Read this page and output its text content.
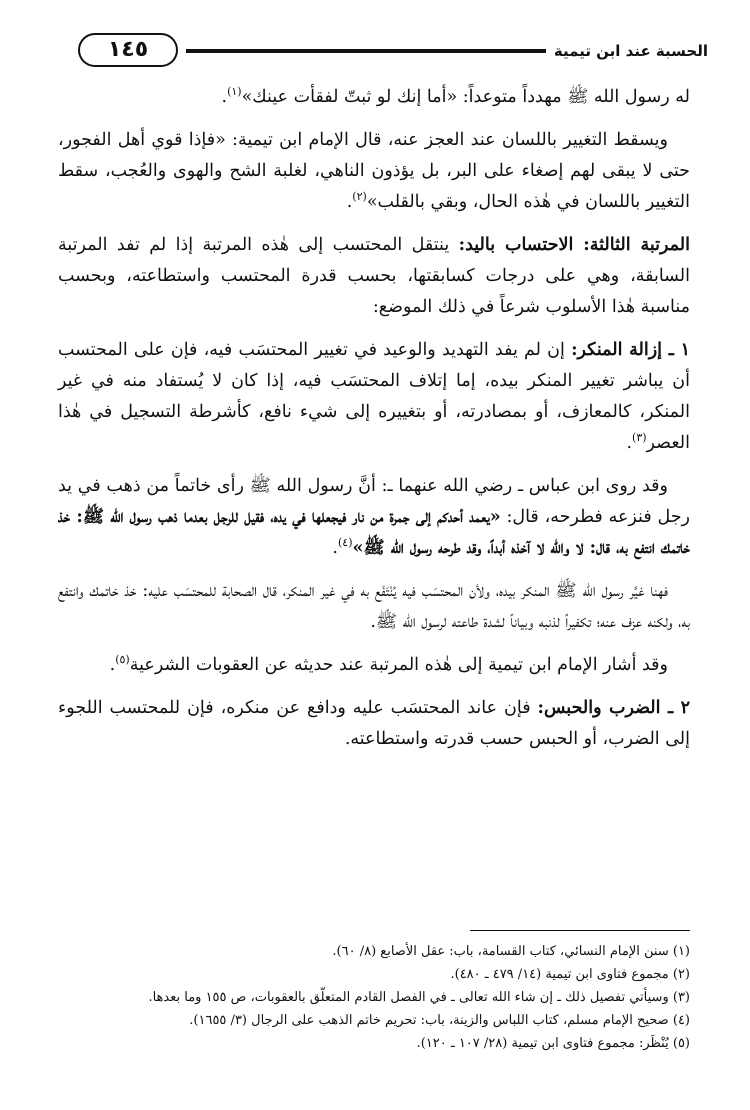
الحسبة عند ابن تيمية
١٤٥

له رسول الله ﷺ مهدداً متوعداً: «أما إنك لو ثبتّ لفقأت عينك»$^{(١)}$.

ويسقط التغيير باللسان عند العجز عنه، قال الإمام ابن تيمية: «فإذا قوي أهل الفجور، حتى لا يبقى لهم إصغاء على البر، بل يؤذون الناهي، لغلبة الشح والهوى والعُجب، سقط التغيير باللسان في هٰذه الحال، وبقي بالقلب»$^{(٢)}$.

المرتبة الثالثة: الاحتساب باليد: ينتقل المحتسب إلى هٰذه المرتبة إذا لم تفد المرتبة السابقة، وهي على درجات كسابقتها، بحسب قدرة المحتسب واستطاعته، وبحسب مناسبة هٰذا الأسلوب شرعاً في ذلك الموضع:

١ ـ إزالة المنكر: إن لم يفد التهديد والوعيد في تغيير المحتسَب فيه، فإن على المحتسب أن يباشر تغيير المنكر بيده، إما إتلاف المحتسَب فيه، إذا كان لا يُستفاد منه في غير المنكر، كالمعازف، أو بمصادرته، أو بتغييره إلى شيء نافع، كأشرطة التسجيل في هٰذا العصر$^{(٣)}$.

وقد روى ابن عباس ـ رضي الله عنهما ـ: أنَّ رسول الله ﷺ رأى خاتماً من ذهب في يد رجل فنزعه فطرحه، قال: «يعمد أحدكم إلى جمرة من نار فيجعلها في يده، فقيل للرجل بعدما ذهب رسول الله ﷺ: خذ خاتمك انتفع به، قال: لا والله لا آخذه أبداً، وقد طرحه رسول الله ﷺ»$^{(٤)}$.

فهنا غيَّر رسول الله ﷺ المنكر بيده، ولأن المحتسَب فيه يُنْتَفَع به في غير المنكر، قال الصحابة للمحتسَب عليه: خذ خاتمك وانتفع به، ولكنه عزف عنه؛ تكفيراً لذنبه وبياناً لشدة طاعته لرسول الله ﷺ.

وقد أشار الإمام ابن تيمية إلى هٰذه المرتبة عند حديثه عن العقوبات الشرعية$^{(٥)}$.

٢ ـ الضرب والحبس: فإن عاند المحتسَب عليه ودافع عن منكره، فإن للمحتسب اللجوء إلى الضرب، أو الحبس حسب قدرته واستطاعته.

(١) سنن الإمام النسائي، كتاب القسامة، باب: عقل الأصابع (٨/ ٦٠).
(٢) مجموع فتاوى ابن تيمية (١٤/ ٤٧٩ ـ ٤٨٠).
(٣) وسيأتي تفصيل ذلك ـ إن شاء الله تعالى ـ في الفصل القادم المتعلّق بالعقوبات، ص ١٥٥ وما بعدها.
(٤) صحيح الإمام مسلم، كتاب اللباس والزينة، باب: تحريم خاتم الذهب على الرجال (٣/ ١٦٥٥).
(٥) يُنْظَر: مجموع فتاوى ابن تيمية (٢٨/ ١٠٧ ـ ١٢٠).
